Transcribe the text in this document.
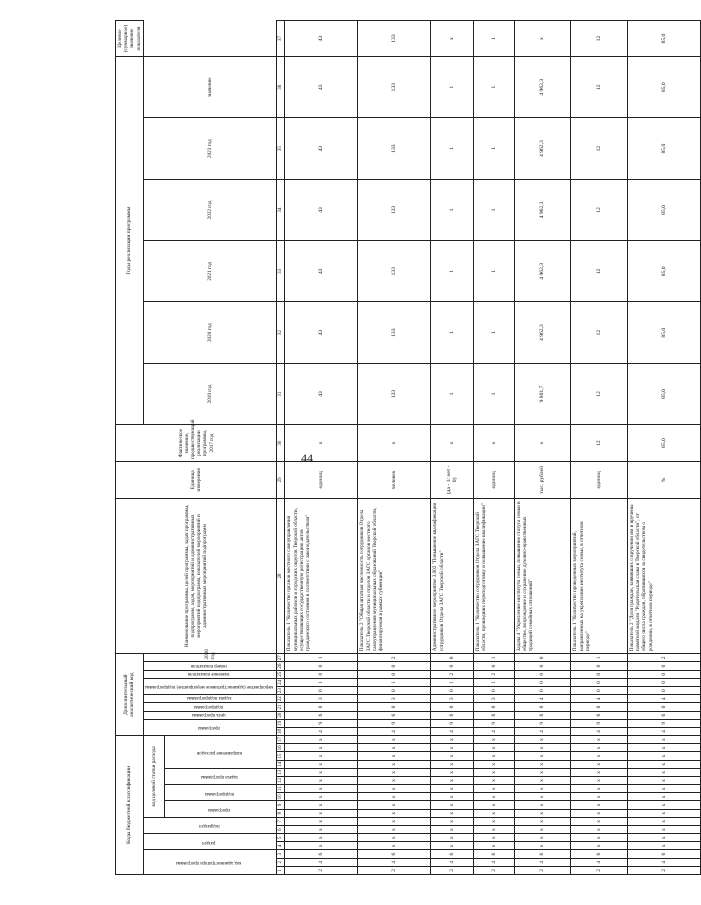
44
Коды бюджетной классификации																	Дополнительный аналитический код										Наименование программы, целей программы, задач программы, подпрограмм, задач, мероприятий и административных мероприятий подпрограмм, показателей мероприятий и административных мероприятий подпрограмм	Единица измерения	Фактическое значение, предшествующий реализации программы, 2017 год	Годы реализации программы						Целевое (суммарное) значение показателя
код администратора программы			раздел		подраздел		код целевой статьи расхода										программа		цель программы	подпрограмма	задача подпрограммы	мероприятие (административное мероприятие) подпрограммы		значение показателя	номер показателя	2018 год				2019 год	2020 год	2021 год	2022 год	2023 год	значение	
							программа		подпрограмма		задача программы		направление расходов																							
1	2	3	4	5	6	7	8	9	10	11	12	13	14	15	16	17	18	19	20	21	22	23	24	25	26	27	28	29	30	31	32	33	34	35	36	37
2	4	6	х	х	х	х	х	х	х	х	х	х	х	х	х	х	4	9	6	0	3	0	1	0	0	1	Показатель 1 "Количество органов местного самоуправления муниципальных районов и городских округов Тверской области, осуществляющих государственную регистрацию актов гражданского состояния в соответствии с законодательством"	единиц	х	43	43	43	43	43	43	43
2	4	6	х	х	х	х	х	х	х	х	х	х	х	х	х	х	4	9	6	0	3	0	1	0	0	2	Показатель 2 "Общая штатная численность сотрудников Отдела ЗАГС Тверской области и отделов ЗАГС органов местного самоуправления муниципальных образований Тверской области, финансируемая в рамках субвенции"	человек	х	133	133	133	133	133	133	133
2	4	6	х	х	х	х	х	х	х	х	х	х	х	х	х	х	4	9	6	0	3	0	1	2	0	0	Административное мероприятие 3.002 "Повышение квалификации сотрудников Отдела ЗАГС Тверской области"	(да - 1/ нет - 0)	х	1	1	1	1	1	1	х
2	4	6	х	х	х	х	х	х	х	х	х	х	х	х	х	х	4	9	6	0	3	0	1	2	0	1	Показатель 1 "Количество сотрудников Отдела ЗАГС Тверской области, прошедших переподготовку и повышение квалификации"	единиц	х	1	1	1	1	1	1	1
2	4	6	х	х	х	х	х	х	х	х	х	х	х	х	х	х	4	9	6	0	4	0	0	0	0	0	Задача 4 "Укрепление института семьи, повышение статуса семьи в обществе, возрождение и сохранение духовно-нравственных традиций семейных отношений"	тыс. рублей	х	9 801,7	4 962,3	4 962,3	4 962,3	4 962,3	4 962,3	х
2	4	6	х	х	х	х	х	х	х	х	х	х	х	х	х	х	4	9	6	0	4	0	0	0	0	1	Показатель 1 "Количество проведенных мероприятий, направленных на укрепление института семьи, в отчетном периоде"	единиц	12	12	12	12	12	12	12	12
2	4	6	х	х	х	х	х	х	х	х	х	х	х	х	х	х	4	9	6	0	4	0	0	0	0	2	Показатель 2 "Доля граждан, заявивших о вручении им и вручены памятной медали "Родительская слава в Тверской области", от общего числа граждан, обратившихся за свидетельством о рождении, в отчетном периоде"	%	85,0	85,0	85,0	85,0	85,0	85,0	85,0	85,0
